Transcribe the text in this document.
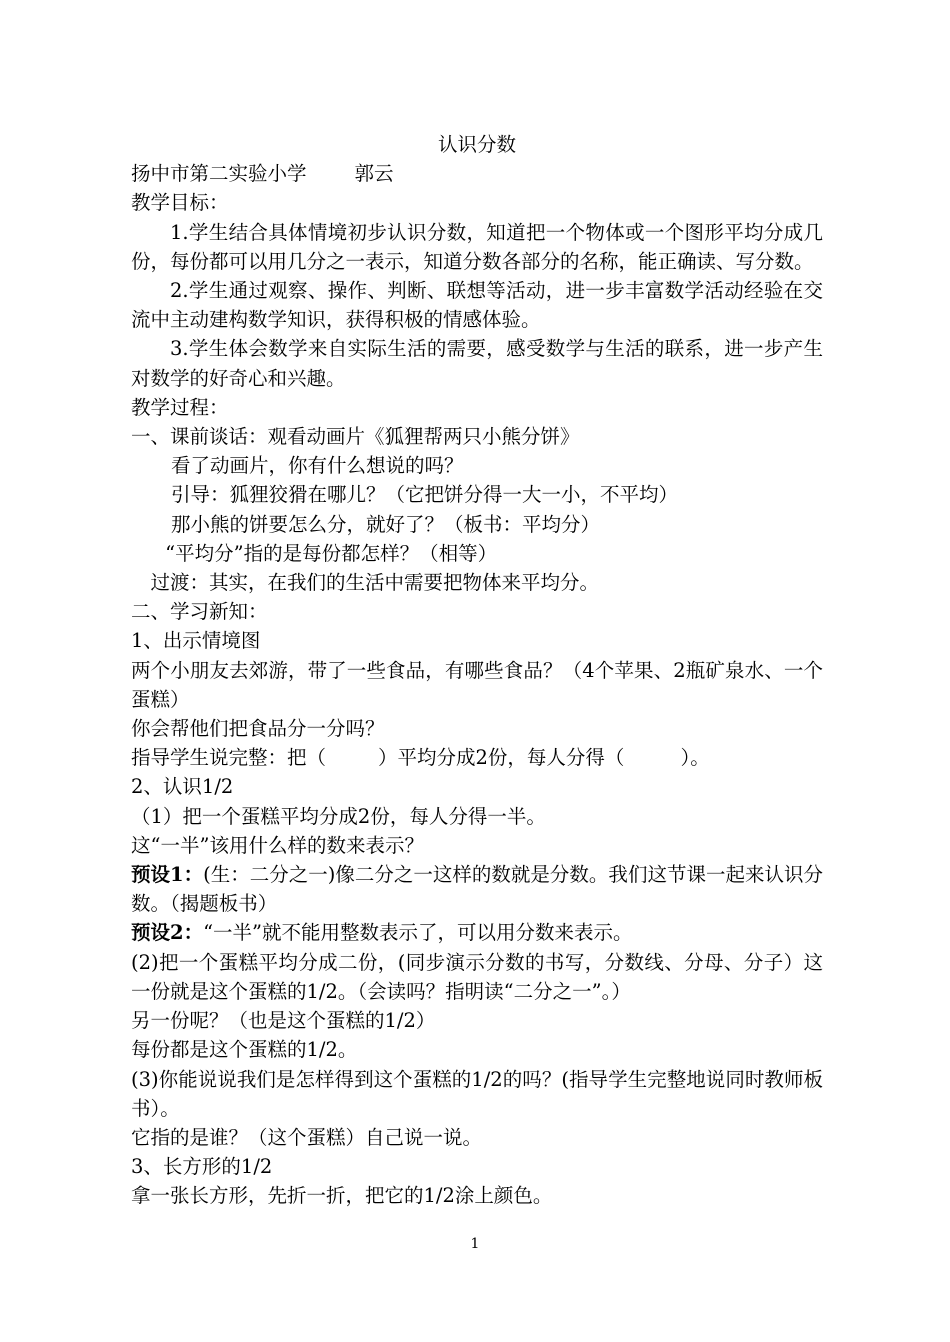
认识分数

扬中市第二实验小学 郭云

教学目标：

1.学生结合具体情境初步认识分数，知道把一个物体或一个图形平均分成几份，每份都可以用几分之一表示，知道分数各部分的名称，能正确读、写分数。

2.学生通过观察、操作、判断、联想等活动，进一步丰富数学活动经验在交流中主动建构数学知识，获得积极的情感体验。

3.学生体会数学来自实际生活的需要，感受数学与生活的联系，进一步产生对数学的好奇心和兴趣。

教学过程：

一、课前谈话：观看动画片《狐狸帮两只小熊分饼》

看了动画片，你有什么想说的吗？

引导：狐狸狡猾在哪儿？（它把饼分得一大一小，不平均）

那小熊的饼要怎么分，就好了？（板书：平均分）

“平均分”指的是每份都怎样？（相等）

过渡：其实，在我们的生活中需要把物体来平均分。

二、学习新知：

1、出示情境图

两个小朋友去郊游，带了一些食品，有哪些食品？（4个苹果、2瓶矿泉水、一个蛋糕）

你会帮他们把食品分一分吗？

指导学生说完整：把（	）平均分成2份，每人分得（	）。

2、认识1/2

（1）把一个蛋糕平均分成2份，每人分得一半。

这“一半”该用什么样的数来表示？

预设1：(生：二分之一)像二分之一这样的数就是分数。我们这节课一起来认识分数。（揭题板书）

预设2：“一半”就不能用整数表示了，可以用分数来表示。

(2)把一个蛋糕平均分成二份，(同步演示分数的书写，分数线、分母、分子）这一份就是这个蛋糕的1/2。（会读吗？指明读“二分之一”。）

另一份呢？（也是这个蛋糕的1/2）

每份都是这个蛋糕的1/2。

(3)你能说说我们是怎样得到这个蛋糕的1/2的吗？(指导学生完整地说同时教师板书）。

它指的是谁？（这个蛋糕）自己说一说。

3、长方形的1/2

拿一张长方形，先折一折，把它的1/2涂上颜色。

1
